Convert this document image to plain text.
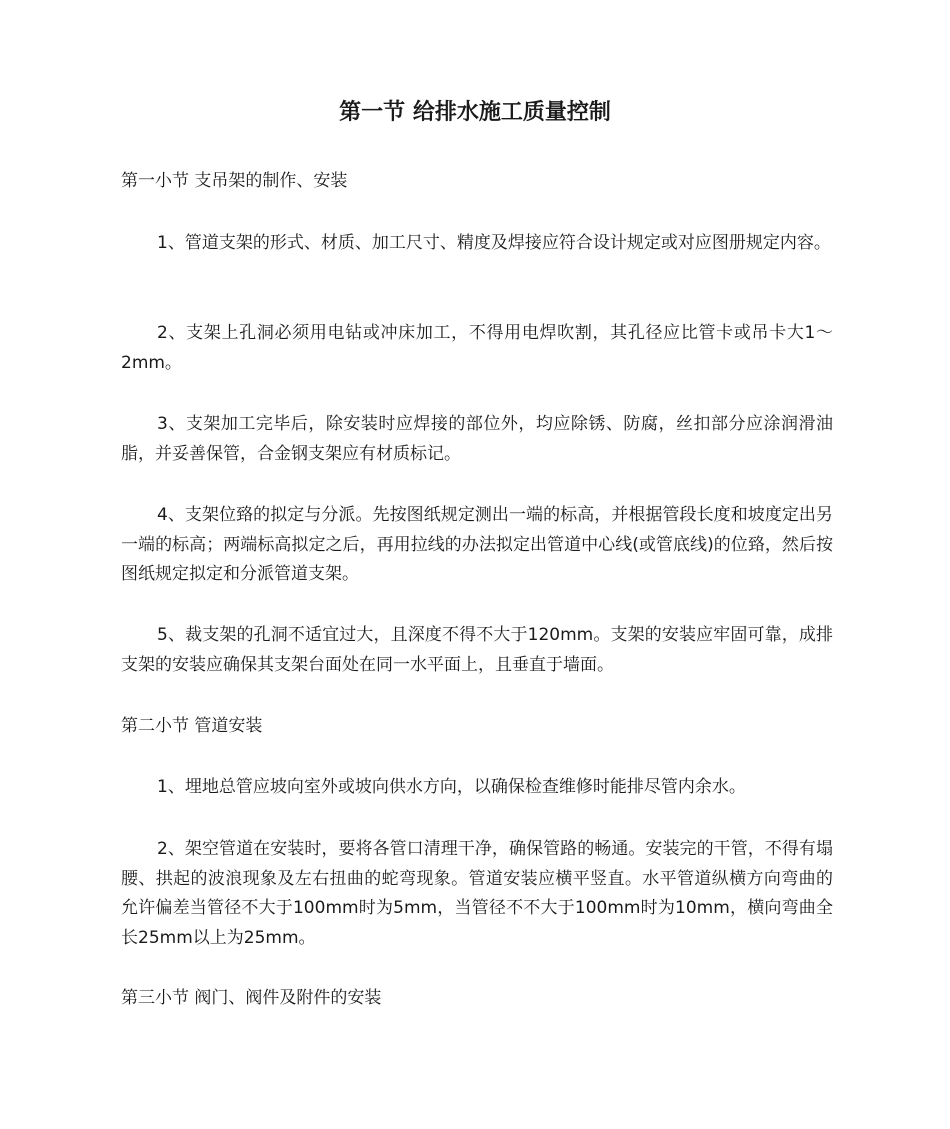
第一节 给排水施工质量控制

第一小节 支吊架的制作、安装

1、管道支架的形式、材质、加工尺寸、精度及焊接应符合设计规定或对应图册规定内容。

2、支架上孔洞必须用电钻或冲床加工，不得用电焊吹割，其孔径应比管卡或吊卡大1～2mm。

3、支架加工完毕后，除安装时应焊接的部位外，均应除锈、防腐，丝扣部分应涂润滑油脂，并妥善保管，合金钢支架应有材质标记。

4、支架位臵的拟定与分派。先按图纸规定测出一端的标高，并根据管段长度和坡度定出另一端的标高；两端标高拟定之后，再用拉线的办法拟定出管道中心线(或管底线)的位臵，然后按图纸规定拟定和分派管道支架。

5、裁支架的孔洞不适宜过大，且深度不得不大于120mm。支架的安装应牢固可靠，成排支架的安装应确保其支架台面处在同一水平面上，且垂直于墙面。

第二小节 管道安装

1、埋地总管应坡向室外或坡向供水方向，以确保检查维修时能排尽管内余水。

2、架空管道在安装时，要将各管口清理干净，确保管路的畅通。安装完的干管，不得有塌腰、拱起的波浪现象及左右扭曲的蛇弯现象。管道安装应横平竖直。水平管道纵横方向弯曲的允许偏差当管径不大于100mm时为5mm，当管径不不大于100mm时为10mm，横向弯曲全长25mm以上为25mm。

第三小节 阀门、阀件及附件的安装
